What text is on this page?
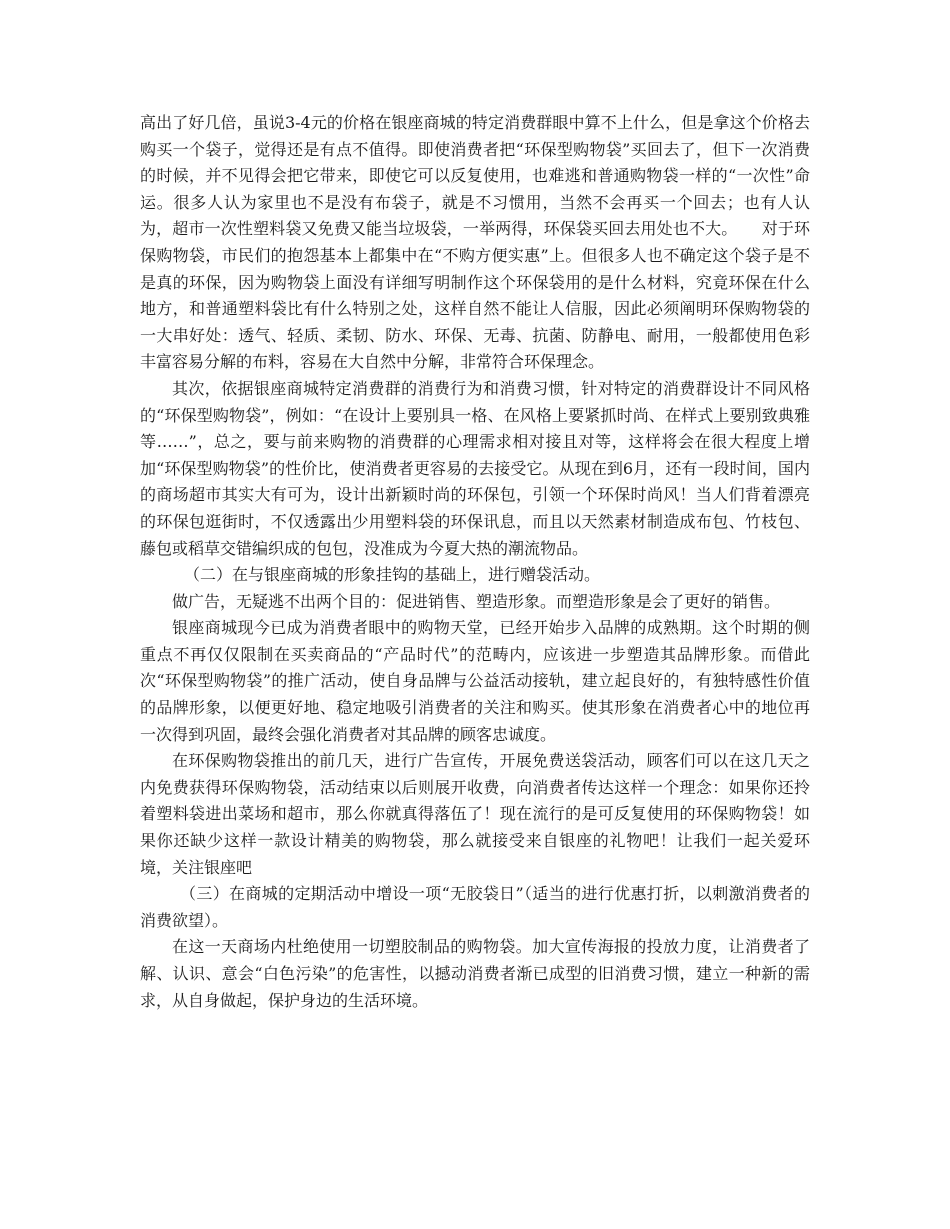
高出了好几倍，虽说3-4元的价格在银座商城的特定消费群眼中算不上什么，但是拿这个价格去购买一个袋子，觉得还是有点不值得。即使消费者把“环保型购物袋”买回去了，但下一次消费的时候，并不见得会把它带来，即使它可以反复使用，也难逃和普通购物袋一样的“一次性”命运。很多人认为家里也不是没有布袋子，就是不习惯用，当然不会再买一个回去；也有人认为，超市一次性塑料袋又免费又能当垃圾袋，一举两得，环保袋买回去用处也不大。　　对于环保购物袋，市民们的抱怨基本上都集中在“不购方便实惠”上。但很多人也不确定这个袋子是不是真的环保，因为购物袋上面没有详细写明制作这个环保袋用的是什么材料，究竟环保在什么地方，和普通塑料袋比有什么特别之处，这样自然不能让人信服，因此必须阐明环保购物袋的一大串好处：透气、轻质、柔韧、防水、环保、无毒、抗菌、防静电、耐用，一般都使用色彩丰富容易分解的布料，容易在大自然中分解，非常符合环保理念。

其次，依据银座商城特定消费群的消费行为和消费习惯，针对特定的消费群设计不同风格的“环保型购物袋”，例如：“在设计上要别具一格、在风格上要紧抓时尚、在样式上要别致典雅等……”，总之，要与前来购物的消费群的心理需求相对接且对等，这样将会在很大程度上增加“环保型购物袋”的性价比，使消费者更容易的去接受它。从现在到6月，还有一段时间，国内的商场超市其实大有可为，设计出新颖时尚的环保包，引领一个环保时尚风！当人们背着漂亮的环保包逛街时，不仅透露出少用塑料袋的环保讯息，而且以天然素材制造成布包、竹枝包、藤包或稻草交错编织成的包包，没准成为今夏大热的潮流物品。

（二）在与银座商城的形象挂钩的基础上，进行赠袋活动。

做广告，无疑逃不出两个目的：促进销售、塑造形象。而塑造形象是会了更好的销售。

银座商城现今已成为消费者眼中的购物天堂，已经开始步入品牌的成熟期。这个时期的侧重点不再仅仅限制在买卖商品的“产品时代”的范畴内，应该进一步塑造其品牌形象。而借此次“环保型购物袋”的推广活动，使自身品牌与公益活动接轨，建立起良好的，有独特感性价值的品牌形象，以便更好地、稳定地吸引消费者的关注和购买。使其形象在消费者心中的地位再一次得到巩固，最终会强化消费者对其品牌的顾客忠诚度。

在环保购物袋推出的前几天，进行广告宣传，开展免费送袋活动，顾客们可以在这几天之内免费获得环保购物袋，活动结束以后则展开收费，向消费者传达这样一个理念：如果你还拎着塑料袋进出菜场和超市，那么你就真得落伍了！现在流行的是可反复使用的环保购物袋！如果你还缺少这样一款设计精美的购物袋，那么就接受来自银座的礼物吧！让我们一起关爱环境，关注银座吧

（三）在商城的定期活动中增设一项“无胶袋日”（适当的进行优惠打折，以刺激消费者的消费欲望）。

在这一天商场内杜绝使用一切塑胶制品的购物袋。加大宣传海报的投放力度，让消费者了解、认识、意会“白色污染”的危害性，以撼动消费者渐已成型的旧消费习惯，建立一种新的需求，从自身做起，保护身边的生活环境。
